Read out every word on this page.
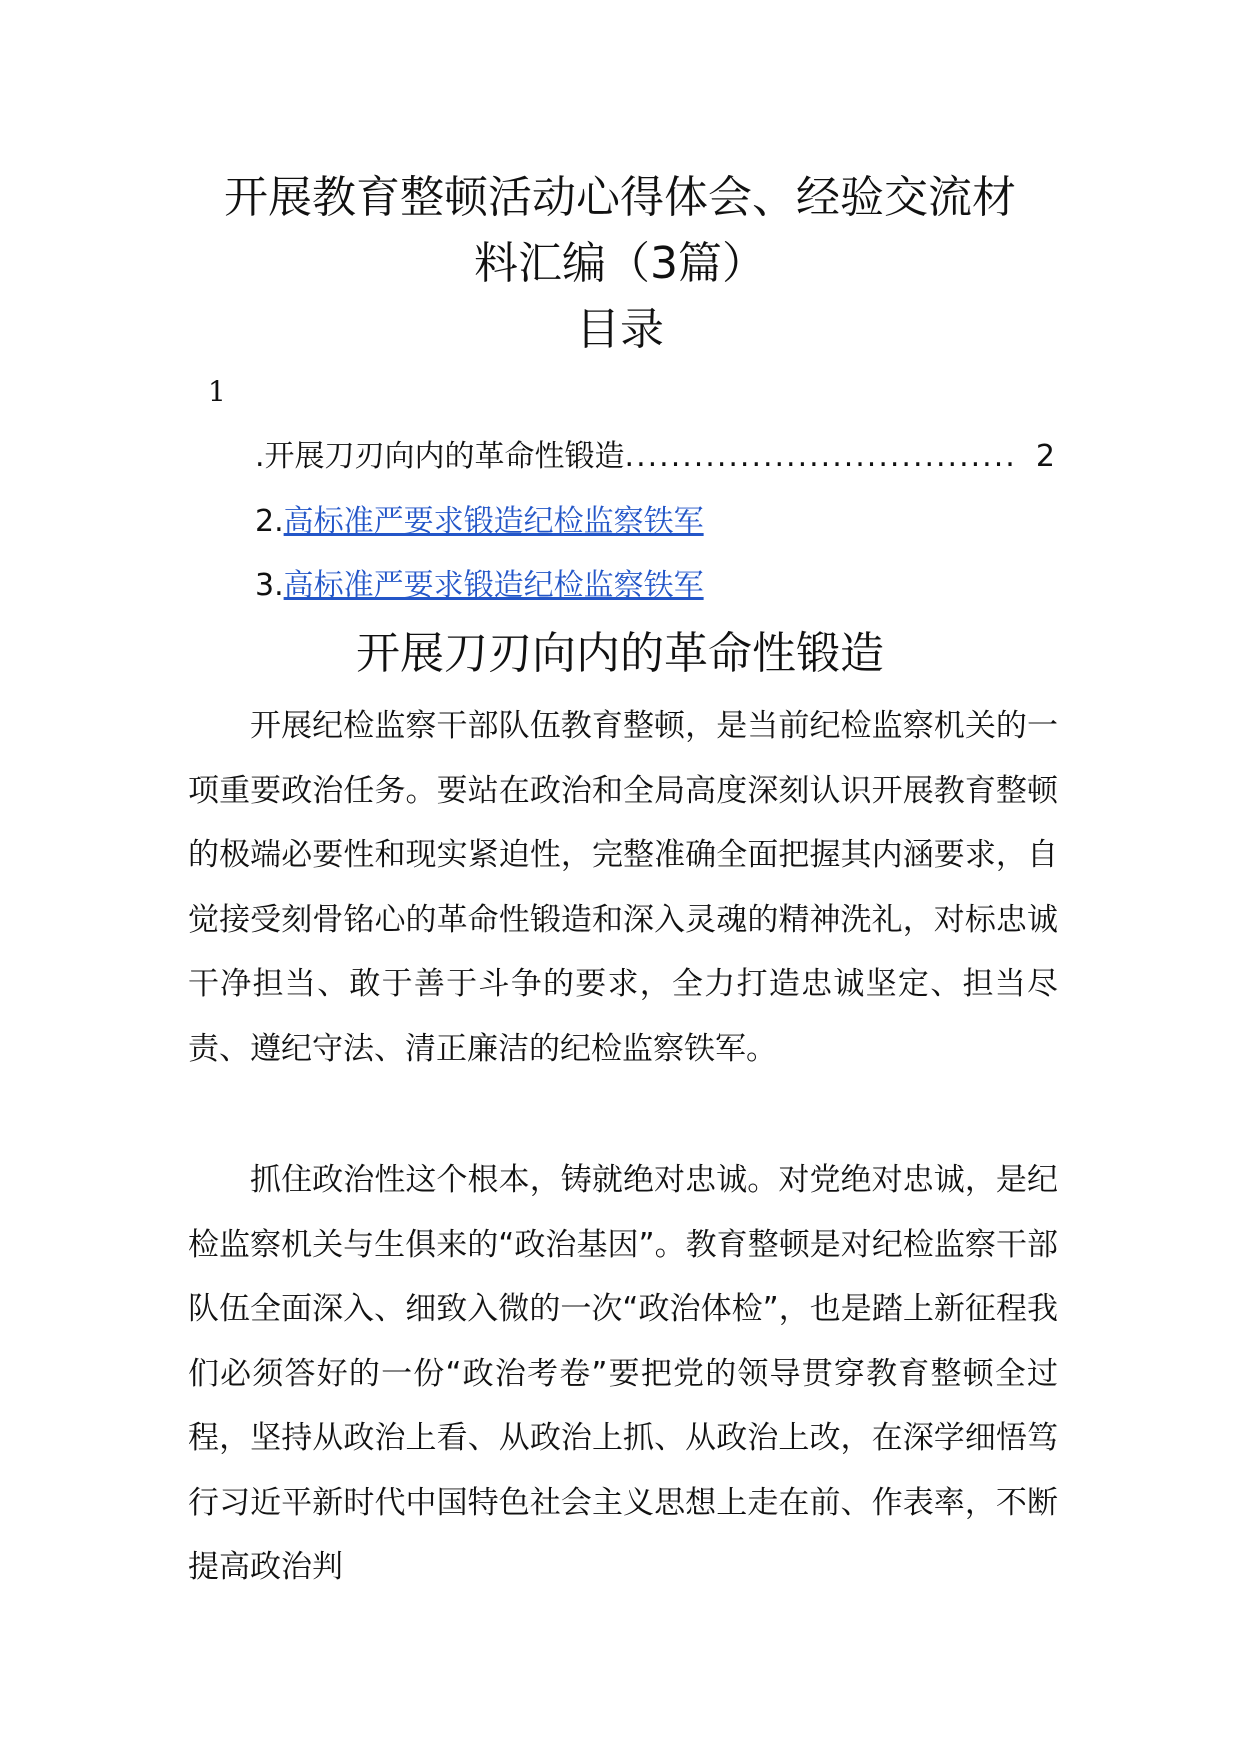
开展教育整顿活动心得体会、经验交流材
料汇编（3篇）
目录
1
.开展刀刃向内的革命性锻造 .................................. 2
2.高标准严要求锻造纪检监察铁军
3.高标准严要求锻造纪检监察铁军
开展刀刃向内的革命性锻造

开展纪检监察干部队伍教育整顿，是当前纪检监察机关的一项重要政治任务。要站在政治和全局高度深刻认识开展教育整顿的极端必要性和现实紧迫性，完整准确全面把握其内涵要求，自觉接受刻骨铭心的革命性锻造和深入灵魂的精神洗礼，对标忠诚干净担当、敢于善于斗争的要求，全力打造忠诚坚定、担当尽责、遵纪守法、清正廉洁的纪检监察铁军。

抓住政治性这个根本，铸就绝对忠诚。对党绝对忠诚，是纪检监察机关与生俱来的“政治基因”。教育整顿是对纪检监察干部队伍全面深入、细致入微的一次“政治体检”，也是踏上新征程我们必须答好的一份“政治考卷”要把党的领导贯穿教育整顿全过程，坚持从政治上看、从政治上抓、从政治上改，在深学细悟笃行习近平新时代中国特色社会主义思想上走在前、作表率，不断提高政治判
